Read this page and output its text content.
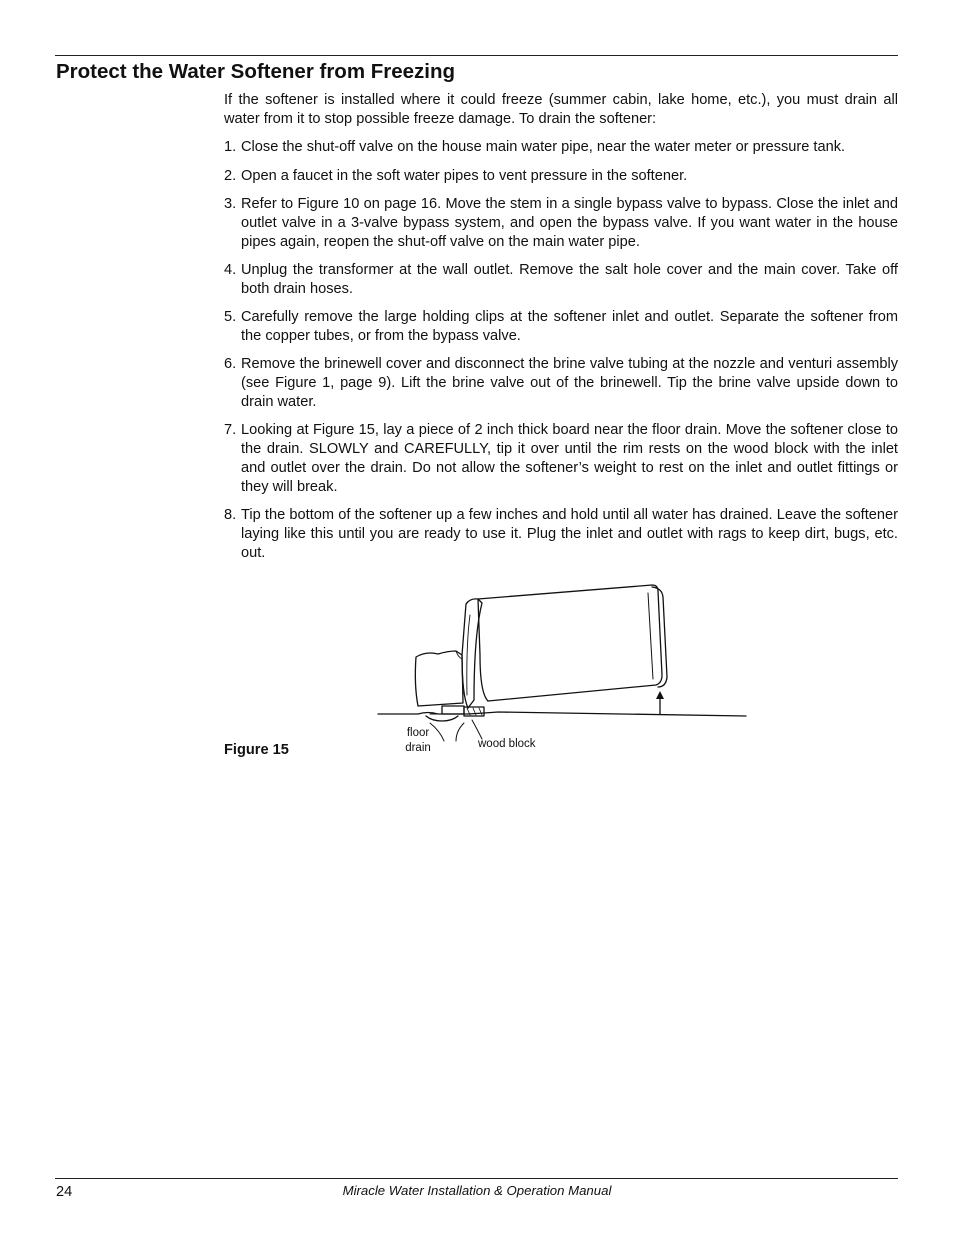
Protect the Water Softener from Freezing

If the softener is installed where it could freeze (summer cabin, lake home, etc.), you must drain all water from it to stop possible freeze damage. To drain the softener:

1. Close the shut-off valve on the house main water pipe, near the water meter or pressure tank.
2. Open a faucet in the soft water pipes to vent pressure in the softener.
3. Refer to Figure 10 on page 16. Move the stem in a single bypass valve to bypass. Close the inlet and outlet valve in a 3-valve bypass system, and open the bypass valve. If you want water in the house pipes again, reopen the shut-off valve on the main water pipe.
4. Unplug the transformer at the wall outlet. Remove the salt hole cover and the main cover. Take off both drain hoses.
5. Carefully remove the large holding clips at the softener inlet and outlet. Separate the softener from the copper tubes, or from the bypass valve.
6. Remove the brinewell cover and disconnect the brine valve tubing at the nozzle and venturi assembly (see Figure 1, page 9). Lift the brine valve out of the brinewell. Tip the brine valve upside down to drain water.
7. Looking at Figure 15, lay a piece of 2 inch thick board near the floor drain. Move the softener close to the drain. SLOWLY and CAREFULLY, tip it over until the rim rests on the wood block with the inlet and outlet over the drain. Do not allow the softener’s weight to rest on the inlet and outlet fittings or they will break.
8. Tip the bottom of the softener up a few inches and hold until all water has drained. Leave the softener laying like this until you are ready to use it. Plug the inlet and outlet with rags to keep dirt, bugs, etc. out.
Figure 15
floor
drain	wood block
24	Miracle Water Installation & Operation Manual
